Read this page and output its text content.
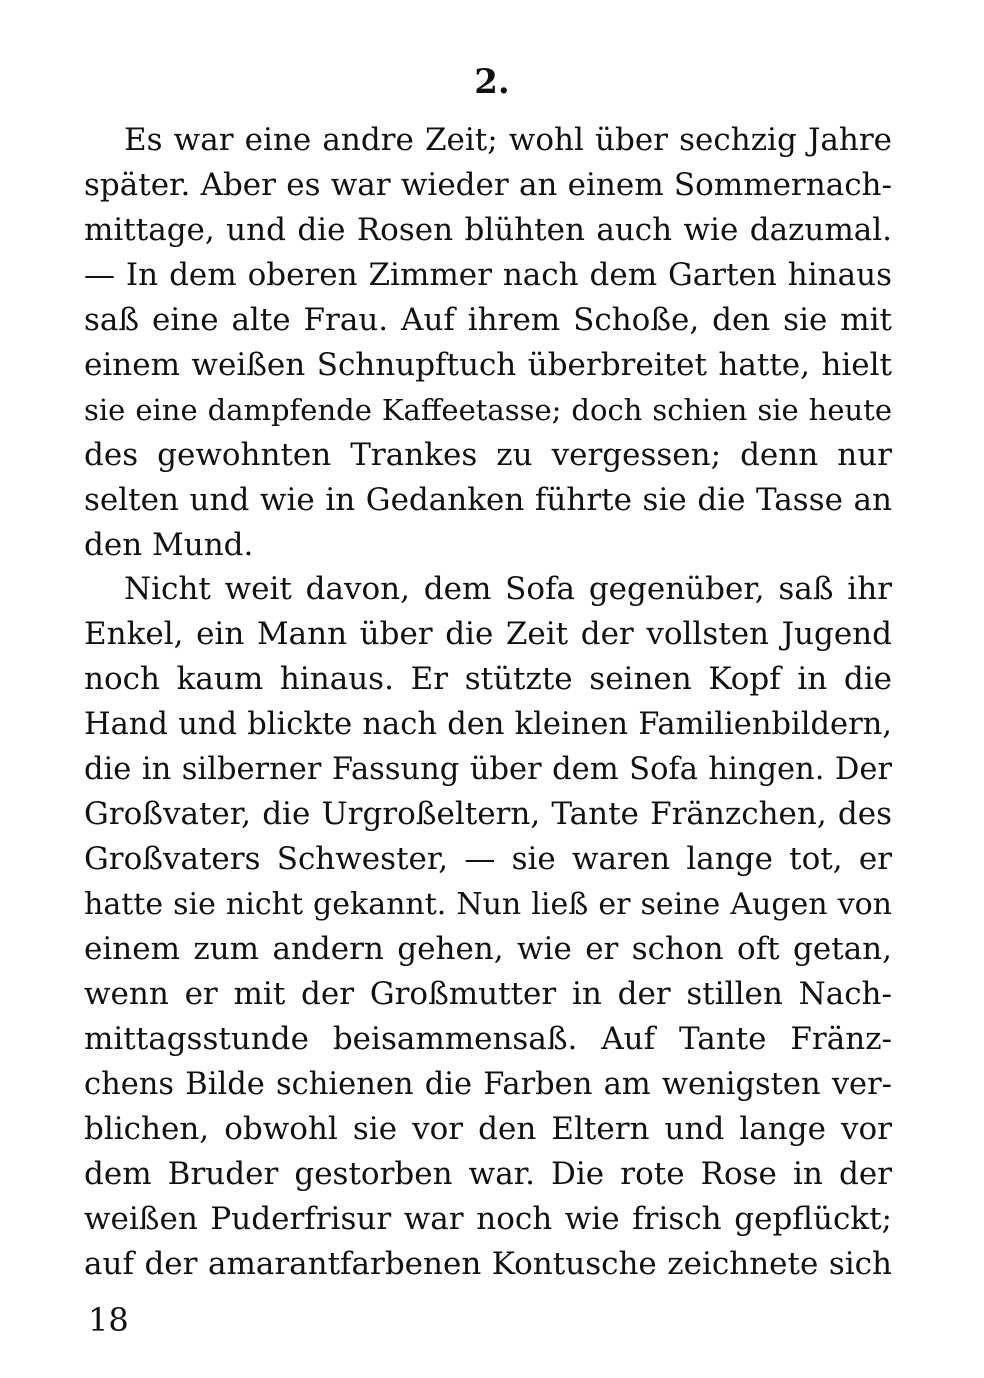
2.
Es war eine andre Zeit; wohl über sechzig Jahre
später. Aber es war wieder an einem Sommernach-
mittage, und die Rosen blühten auch wie dazumal.
— In dem oberen Zimmer nach dem Garten hinaus
saß eine alte Frau. Auf ihrem Schoße, den sie mit
einem weißen Schnupftuch überbreitet hatte, hielt
sie eine dampfende Kaffeetasse; doch schien sie heute
des gewohnten Trankes zu vergessen; denn nur
selten und wie in Gedanken führte sie die Tasse an
den Mund.
Nicht weit davon, dem Sofa gegenüber, saß ihr
Enkel, ein Mann über die Zeit der vollsten Jugend
noch kaum hinaus. Er stützte seinen Kopf in die
Hand und blickte nach den kleinen Familienbildern,
die in silberner Fassung über dem Sofa hingen. Der
Großvater, die Urgroßeltern, Tante Fränzchen, des
Großvaters Schwester, — sie waren lange tot, er
hatte sie nicht gekannt. Nun ließ er seine Augen von
einem zum andern gehen, wie er schon oft getan,
wenn er mit der Großmutter in der stillen Nach-
mittagsstunde beisammensaß. Auf Tante Fränz-
chens Bilde schienen die Farben am wenigsten ver-
blichen, obwohl sie vor den Eltern und lange vor
dem Bruder gestorben war. Die rote Rose in der
weißen Puderfrisur war noch wie frisch gepflückt;
auf der amarantfarbenen Kontusche zeichnete sich
18
